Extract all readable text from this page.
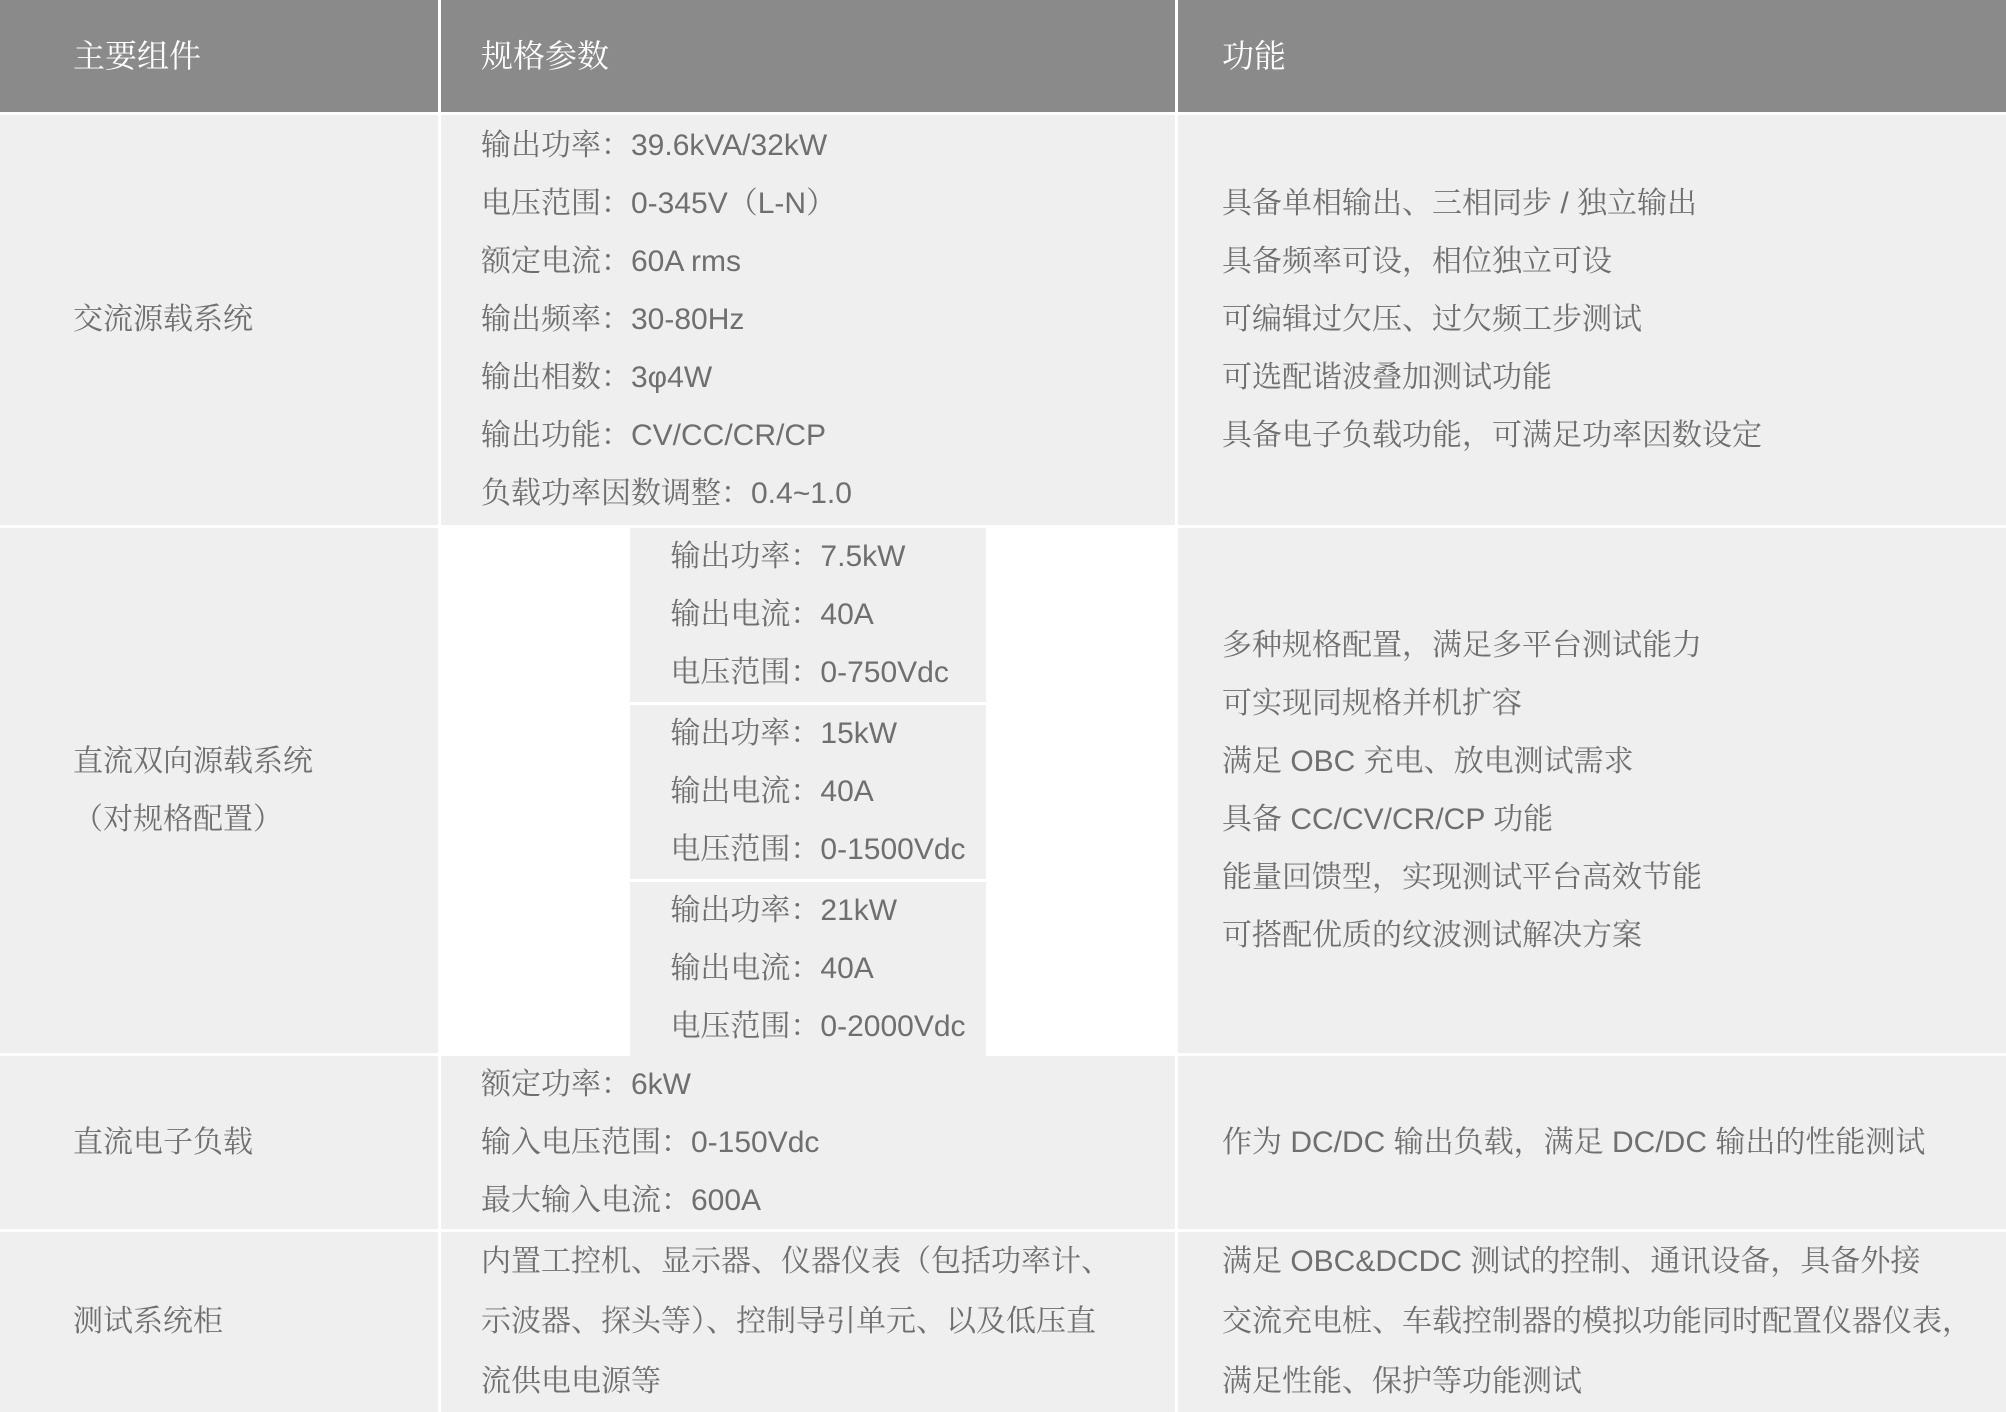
主要组件	规格参数	功能
交流源载系统
输出功率：39.6kVA/32kW
电压范围：0-345V（L-N）
额定电流：60A rms
输出频率：30-80Hz
输出相数：3φ4W
输出功能：CV/CC/CR/CP
负载功率因数调整：0.4~1.0
具备单相输出、三相同步 / 独立输出
具备频率可设，相位独立可设
可编辑过欠压、过欠频工步测试
可选配谐波叠加测试功能
具备电子负载功能，可满足功率因数设定
直流双向源载系统
（对规格配置）
输出功率：7.5kW
输出电流：40A
电压范围：0-750Vdc
输出功率：15kW
输出电流：40A
电压范围：0-1500Vdc
输出功率：21kW
输出电流：40A
电压范围：0-2000Vdc
多种规格配置，满足多平台测试能力
可实现同规格并机扩容
满足 OBC 充电、放电测试需求
具备 CC/CV/CR/CP 功能
能量回馈型，实现测试平台高效节能
可搭配优质的纹波测试解决方案
直流电子负载
额定功率：6kW
输入电压范围：0-150Vdc
最大输入电流：600A
作为 DC/DC 输出负载，满足 DC/DC 输出的性能测试
测试系统柜
内置工控机、显示器、仪器仪表（包括功率计、
示波器、探头等）、控制导引单元、以及低压直
流供电电源等
满足 OBC&DCDC 测试的控制、通讯设备，具备外接
交流充电桩、车载控制器的模拟功能同时配置仪器仪表，
满足性能、保护等功能测试
